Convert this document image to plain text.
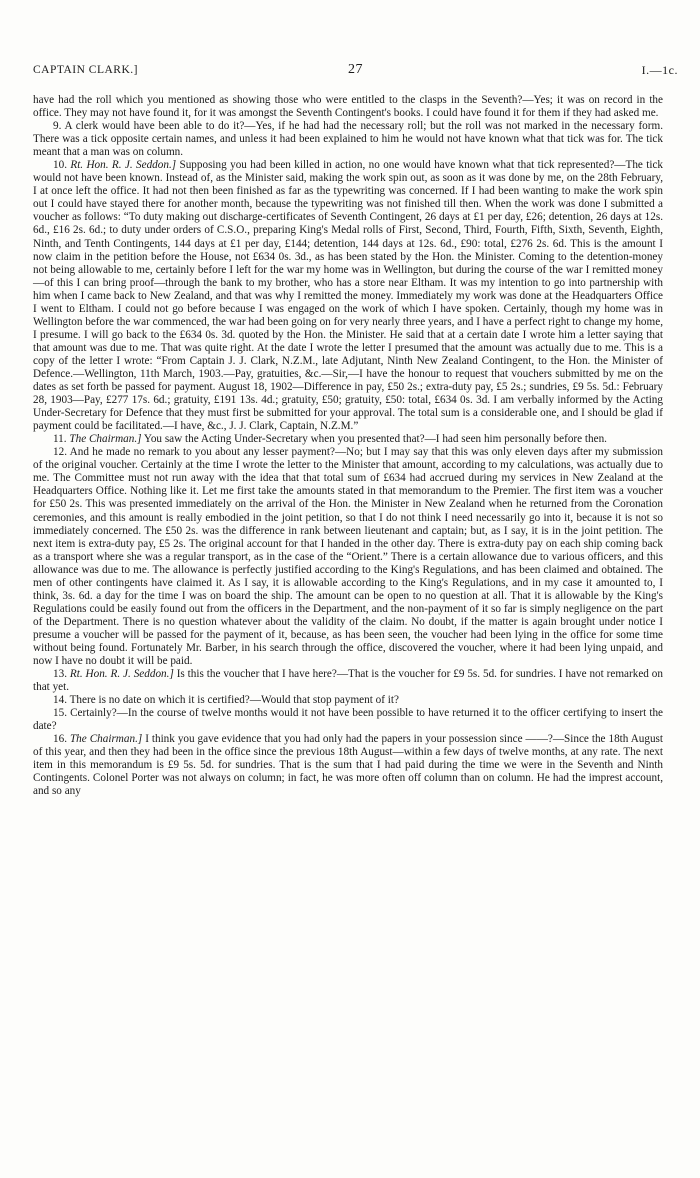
CAPTAIN CLARK.]	27	I.—1c.

have had the roll which you mentioned as showing those who were entitled to the clasps in the Seventh?—Yes; it was on record in the office. They may not have found it, for it was amongst the Seventh Contingent's books. I could have found it for them if they had asked me.

9. A clerk would have been able to do it?—Yes, if he had had the necessary roll; but the roll was not marked in the necessary form. There was a tick opposite certain names, and unless it had been explained to him he would not have known what that tick was for. The tick meant that a man was on column.

10. Rt. Hon. R. J. Seddon.] Supposing you had been killed in action, no one would have known what that tick represented?—The tick would not have been known. Instead of, as the Minister said, making the work spin out, as soon as it was done by me, on the 28th February, I at once left the office. It had not then been finished as far as the typewriting was concerned. If I had been wanting to make the work spin out I could have stayed there for another month, because the typewriting was not finished till then. When the work was done I submitted a voucher as follows: “To duty making out discharge-certificates of Seventh Contingent, 26 days at £1 per day, £26; detention, 26 days at 12s. 6d., £16 2s. 6d.; to duty under orders of C.S.O., preparing King's Medal rolls of First, Second, Third, Fourth, Fifth, Sixth, Seventh, Eighth, Ninth, and Tenth Contingents, 144 days at £1 per day, £144; detention, 144 days at 12s. 6d., £90: total, £276 2s. 6d. This is the amount I now claim in the petition before the House, not £634 0s. 3d., as has been stated by the Hon. the Minister. Coming to the detention-money not being allowable to me, certainly before I left for the war my home was in Wellington, but during the course of the war I remitted money—of this I can bring proof—through the bank to my brother, who has a store near Eltham. It was my intention to go into partnership with him when I came back to New Zealand, and that was why I remitted the money. Immediately my work was done at the Headquarters Office I went to Eltham. I could not go before because I was engaged on the work of which I have spoken. Certainly, though my home was in Wellington before the war commenced, the war had been going on for very nearly three years, and I have a perfect right to change my home, I presume. I will go back to the £634 0s. 3d. quoted by the Hon. the Minister. He said that at a certain date I wrote him a letter saying that that amount was due to me. That was quite right. At the date I wrote the letter I presumed that the amount was actually due to me. This is a copy of the letter I wrote: “From Captain J. J. Clark, N.Z.M., late Adjutant, Ninth New Zealand Contingent, to the Hon. the Minister of Defence.—Wellington, 11th March, 1903.—Pay, gratuities, &c.—Sir,—I have the honour to request that vouchers submitted by me on the dates as set forth be passed for payment. August 18, 1902—Difference in pay, £50 2s.; extra-duty pay, £5 2s.; sundries, £9 5s. 5d.: February 28, 1903—Pay, £277 17s. 6d.; gratuity, £191 13s. 4d.; gratuity, £50; gratuity, £50: total, £634 0s. 3d. I am verbally informed by the Acting Under-Secretary for Defence that they must first be submitted for your approval. The total sum is a considerable one, and I should be glad if payment could be facilitated.—I have, &c., J. J. Clark, Captain, N.Z.M.”

11. The Chairman.] You saw the Acting Under-Secretary when you presented that?—I had seen him personally before then.

12. And he made no remark to you about any lesser payment?—No; but I may say that this was only eleven days after my submission of the original voucher. Certainly at the time I wrote the letter to the Minister that amount, according to my calculations, was actually due to me. The Committee must not run away with the idea that that total sum of £634 had accrued during my services in New Zealand at the Headquarters Office. Nothing like it. Let me first take the amounts stated in that memorandum to the Premier. The first item was a voucher for £50 2s. This was presented immediately on the arrival of the Hon. the Minister in New Zealand when he returned from the Coronation ceremonies, and this amount is really embodied in the joint petition, so that I do not think I need necessarily go into it, because it is not so immediately concerned. The £50 2s. was the difference in rank between lieutenant and captain; but, as I say, it is in the joint petition. The next item is extra-duty pay, £5 2s. The original account for that I handed in the other day. There is extra-duty pay on each ship coming back as a transport where she was a regular transport, as in the case of the “Orient.” There is a certain allowance due to various officers, and this allowance was due to me. The allowance is perfectly justified according to the King's Regulations, and has been claimed and obtained. The men of other contingents have claimed it. As I say, it is allowable according to the King's Regulations, and in my case it amounted to, I think, 3s. 6d. a day for the time I was on board the ship. The amount can be open to no question at all. That it is allowable by the King's Regulations could be easily found out from the officers in the Department, and the non-payment of it so far is simply negligence on the part of the Department. There is no question whatever about the validity of the claim. No doubt, if the matter is again brought under notice I presume a voucher will be passed for the payment of it, because, as has been seen, the voucher had been lying in the office for some time without being found. Fortunately Mr. Barber, in his search through the office, discovered the voucher, where it had been lying unpaid, and now I have no doubt it will be paid.

13. Rt. Hon. R. J. Seddon.] Is this the voucher that I have here?—That is the voucher for £9 5s. 5d. for sundries. I have not remarked on that yet.

14. There is no date on which it is certified?—Would that stop payment of it?

15. Certainly?—In the course of twelve months would it not have been possible to have returned it to the officer certifying to insert the date?

16. The Chairman.] I think you gave evidence that you had only had the papers in your possession since ——?—Since the 18th August of this year, and then they had been in the office since the previous 18th August—within a few days of twelve months, at any rate. The next item in this memorandum is £9 5s. 5d. for sundries. That is the sum that I had paid during the time we were in the Seventh and Ninth Contingents. Colonel Porter was not always on column; in fact, he was more often off column than on column. He had the imprest account, and so any
